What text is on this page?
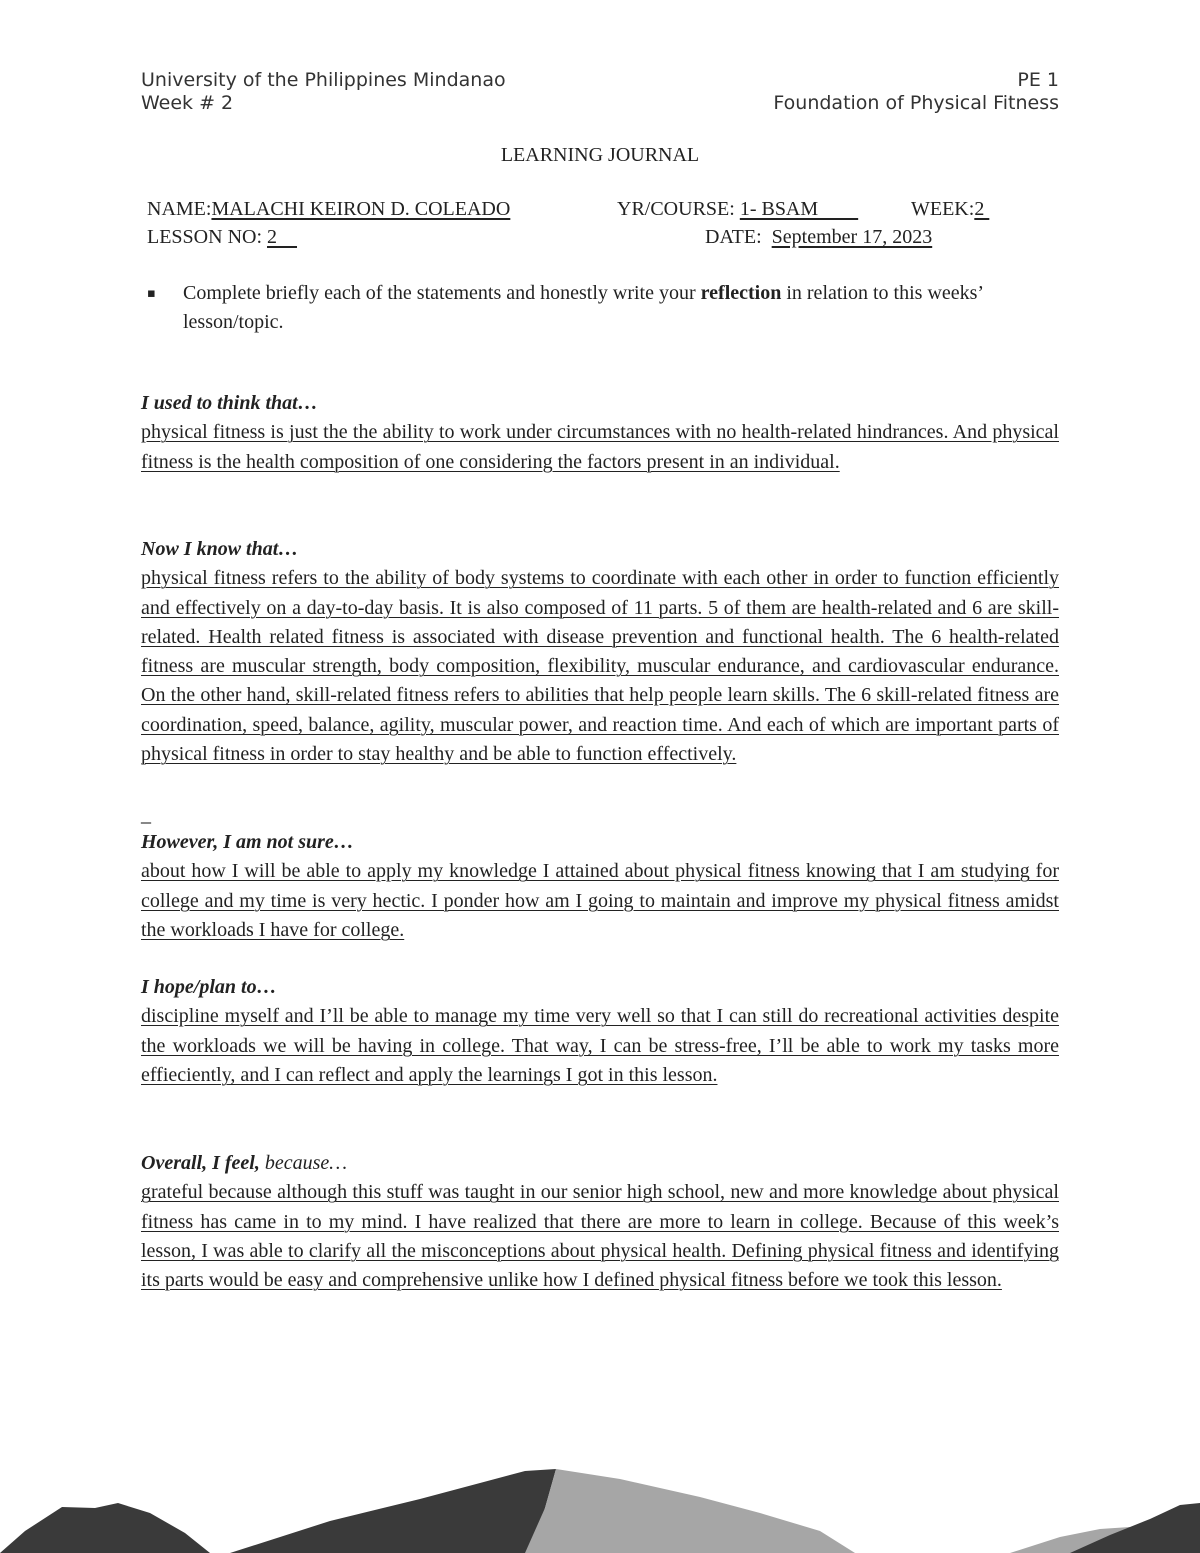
University of the Philippines Mindanao
Week # 2
PE 1
Foundation of Physical Fitness
LEARNING JOURNAL
NAME:MALACHI KEIRON D. COLEADO	YR/COURSE: 1- BSAM	WEEK:2
LESSON NO: 2	DATE:  September 17, 2023
▪ Complete briefly each of the statements and honestly write your reflection in relation to this weeks’ lesson/topic.
I used to think that…
physical fitness is just the the ability to work under circumstances with no health-related hindrances. And physical fitness is the health composition of one considering the factors present in an individual.
Now I know that…
physical fitness refers to the ability of body systems to coordinate with each other in order to function efficiently and effectively on a day-to-day basis. It is also composed of 11 parts. 5 of them are health-related and 6 are skill-related. Health related fitness is associated with disease prevention and functional health. The 6 health-related fitness are muscular strength, body composition, flexibility, muscular endurance, and cardiovascular endurance. On the other hand, skill-related fitness refers to abilities that help people learn skills. The 6 skill-related fitness are coordination, speed, balance, agility, muscular power, and reaction time. And each of which are important parts of physical fitness in order to stay healthy and be able to function effectively.
_
However, I am not sure…
about how I will be able to apply my knowledge I attained about physical fitness knowing that I am studying for college and my time is very hectic. I ponder how am I going to maintain and improve my physical fitness amidst the workloads I have for college.
I hope/plan to…
discipline myself and I’ll be able to manage my time very well so that I can still do recreational activities despite the workloads we will be having in college. That way, I can be stress-free, I’ll be able to work my tasks more effieciently, and I can reflect and apply the learnings I got in this lesson.
Overall, I feel, because…
grateful because although this stuff was taught in our senior high school, new and more knowledge about physical fitness has came in to my mind. I have realized that there are more to learn in college. Because of this week’s lesson, I was able to clarify all the misconceptions about physical health. Defining physical fitness and identifying its parts would be easy and comprehensive unlike how I defined physical fitness before we took this lesson.
